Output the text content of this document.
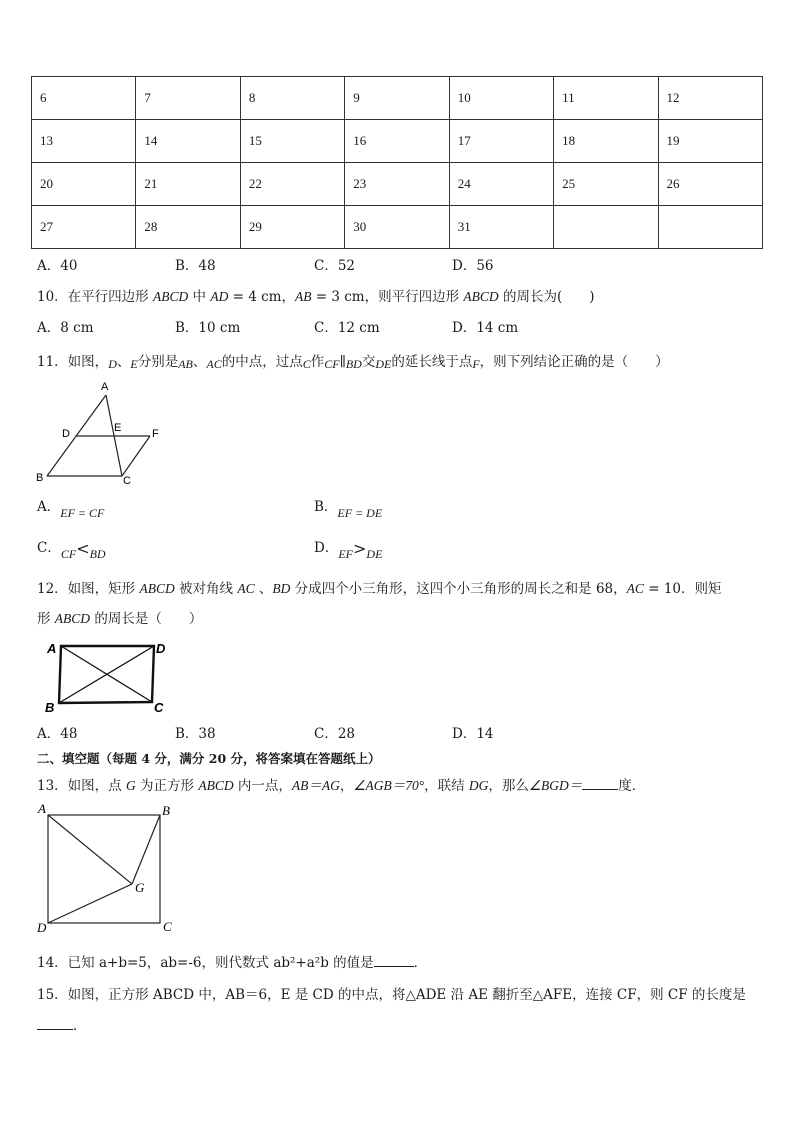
6	7	8	9	10	11	12
13	14	15	16	17	18	19
20	21	22	23	24	25	26
27	28	29	30	31		
A．40	B．48	C．52	D．56
10．在平行四边形 ABCD 中 AD = 4 cm，AB = 3 cm，则平行四边形 ABCD 的周长为(　　)
A．8 cm	B．10 cm	C．12 cm	D．14 cm
11．如图，D、E分别是AB、AC的中点，过点C作CF∥BD交DE的延长线于点F，则下列结论正确的是（　　）
A
B	C
D	E	F
A．EF = CF	B．EF = DE
C．CF<BD	D．EF>DE
12．如图，矩形 ABCD 被对角线 AC 、BD 分成四个小三角形，这四个小三角形的周长之和是 68，AC = 10．则矩
形 ABCD 的周长是（　　）
A
B	C
D
A．48	B．38	C．28	D．14
二、填空题（每题 4 分，满分 20 分，将答案填在答题纸上）
13．如图，点 G 为正方形 ABCD 内一点，AB＝AG，∠AGB＝70°，联结 DG，那么∠BGD＝	度．
A	B
C
D
G
14．已知 a+b=5，ab=-6，则代数式 ab²+a²b 的值是	．
15．如图，正方形 ABCD 中，AB＝6，E 是 CD 的中点，将△ADE 沿 AE 翻折至△AFE，连接 CF，则 CF 的长度是
．
